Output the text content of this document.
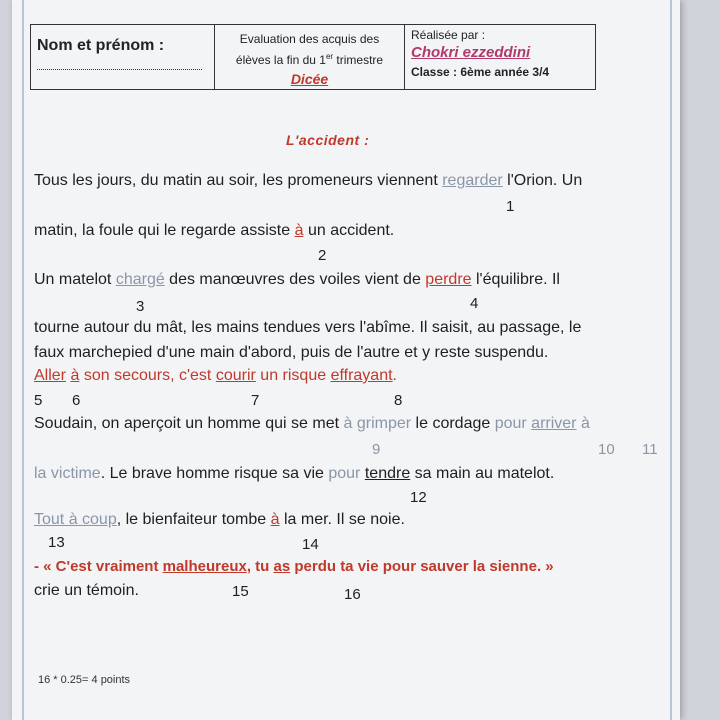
Nom et prénom :	Evaluation des acquis des
élèves la fin du 1er trimestre
Dicée
Réalisée par :
Chokri ezzeddini
Classe : 6ème année 3/4
L'accident :
Tous les jours, du matin au soir, les promeneurs viennent regarder l'Orion. Un
1
matin, la foule qui le regarde assiste à un accident.
2
Un matelot chargé des manœuvres des voiles vient de perdre l'équilibre. Il
3	4
tourne autour du mât, les mains tendues vers l'abîme. Il saisit, au passage, le
faux marchepied d'une main d'abord, puis de l'autre et y reste suspendu.
Aller à son secours, c'est courir un risque effrayant.
5 6	7	8
Soudain, on aperçoit un homme qui se met à grimper le cordage pour arriver à
9	10 11
la victime. Le brave homme risque sa vie pour tendre sa main au matelot.
12
Tout à coup, le bienfaiteur tombe à la mer. Il se noie.
13	14
- « C'est vraiment malheureux, tu as perdu ta vie pour sauver la sienne. »
crie un témoin.	15	16
16 * 0.25= 4 points
